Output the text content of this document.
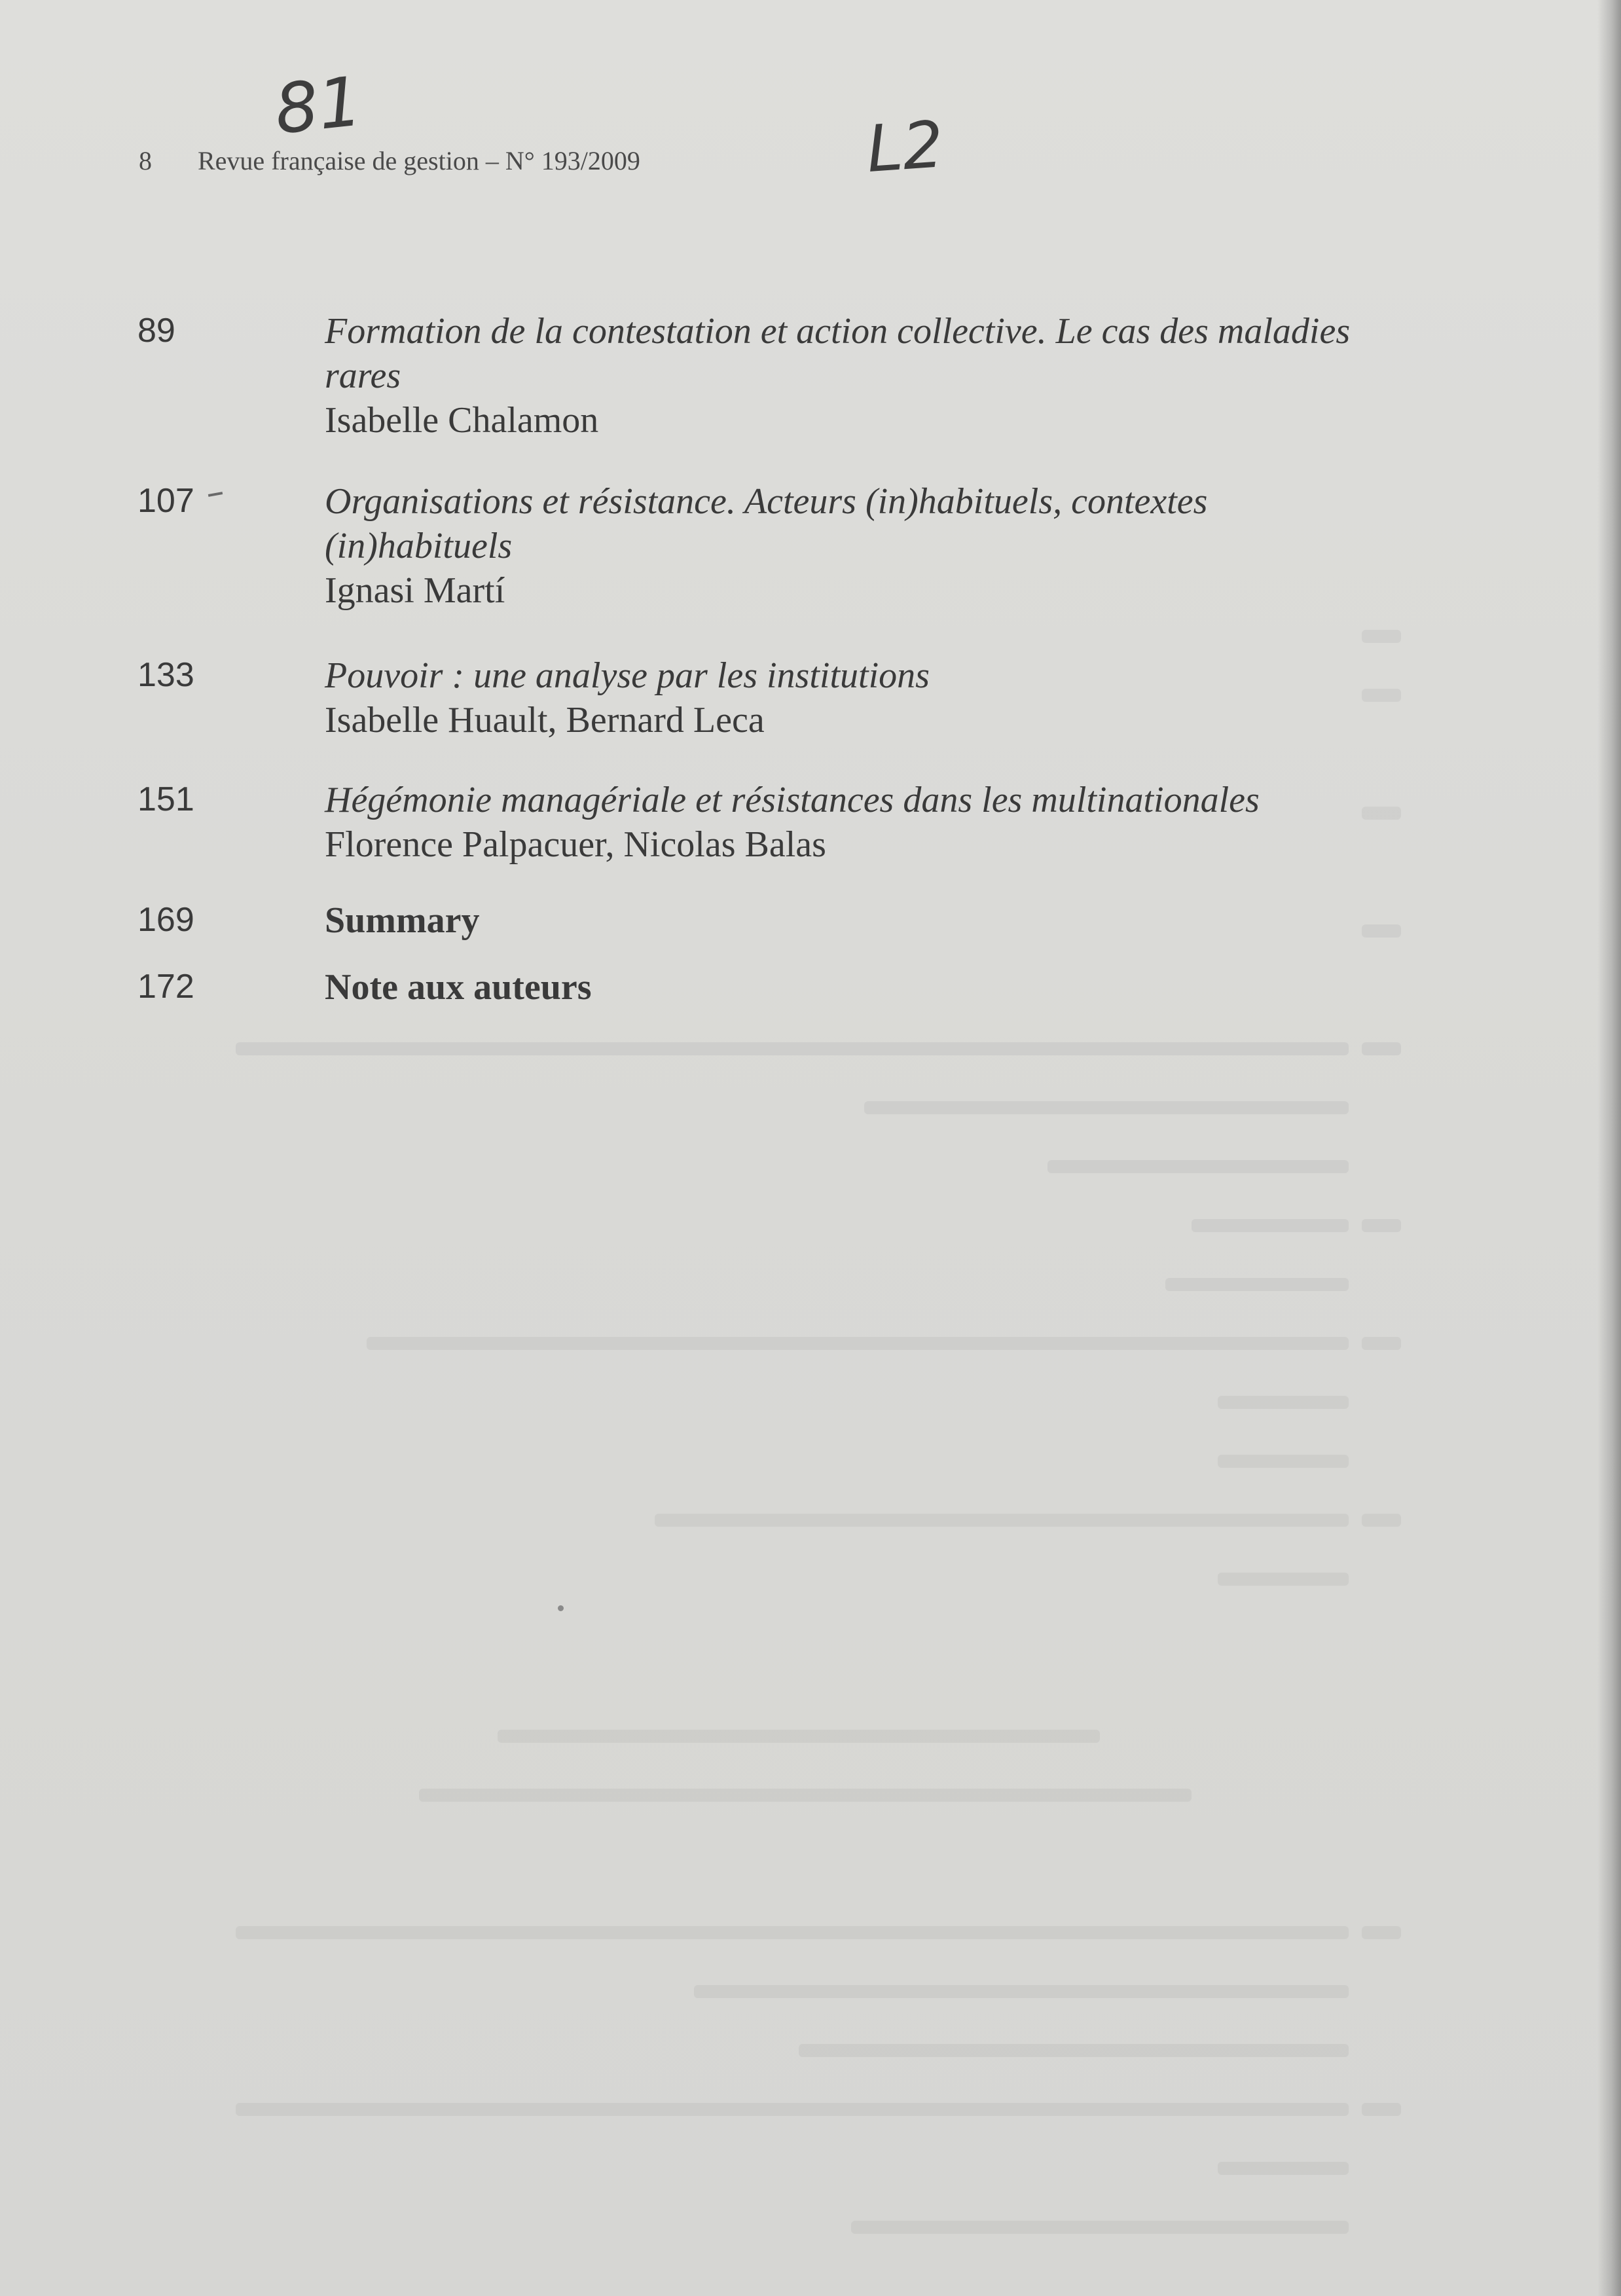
81	L2
8 Revue française de gestion – N° 193/2009
89	Formation de la contestation et action collective. Le cas des maladies
rares
Isabelle Chalamon
107	Organisations et résistance. Acteurs (in)habituels, contextes
(in)habituels
Ignasi Martí
133	Pouvoir : une analyse par les institutions
Isabelle Huault, Bernard Leca
151	Hégémonie managériale et résistances dans les multinationales
Florence Palpacuer, Nicolas Balas
169	Summary
172	Note aux auteurs
